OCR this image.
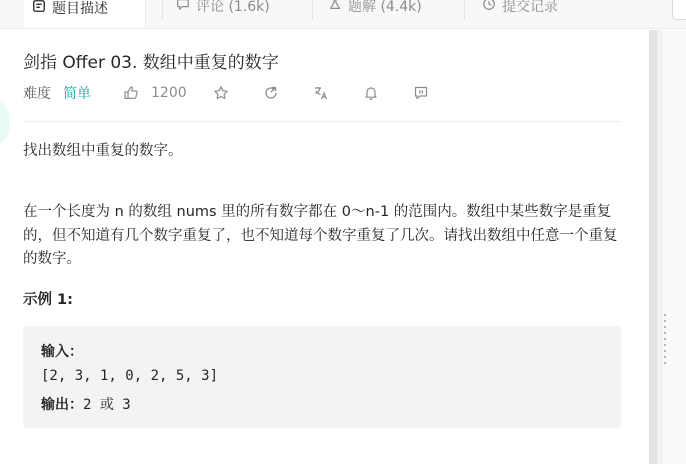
题目描述	评论 (1.6k)	题解 (4.4k)	提交记录
剑指 Offer 03. 数组中重复的数字
难度 简单	1200

找出数组中重复的数字。

在一个长度为 n 的数组 nums 里的所有数字都在 0～n-1 的范围内。数组中某些数字是重复的，但不知道有几个数字重复了，也不知道每个数字重复了几次。请找出数组中任意一个重复的数字。

示例 1:
输入：
[2, 3, 1, 0, 2, 5, 3]
输出：2 或 3
